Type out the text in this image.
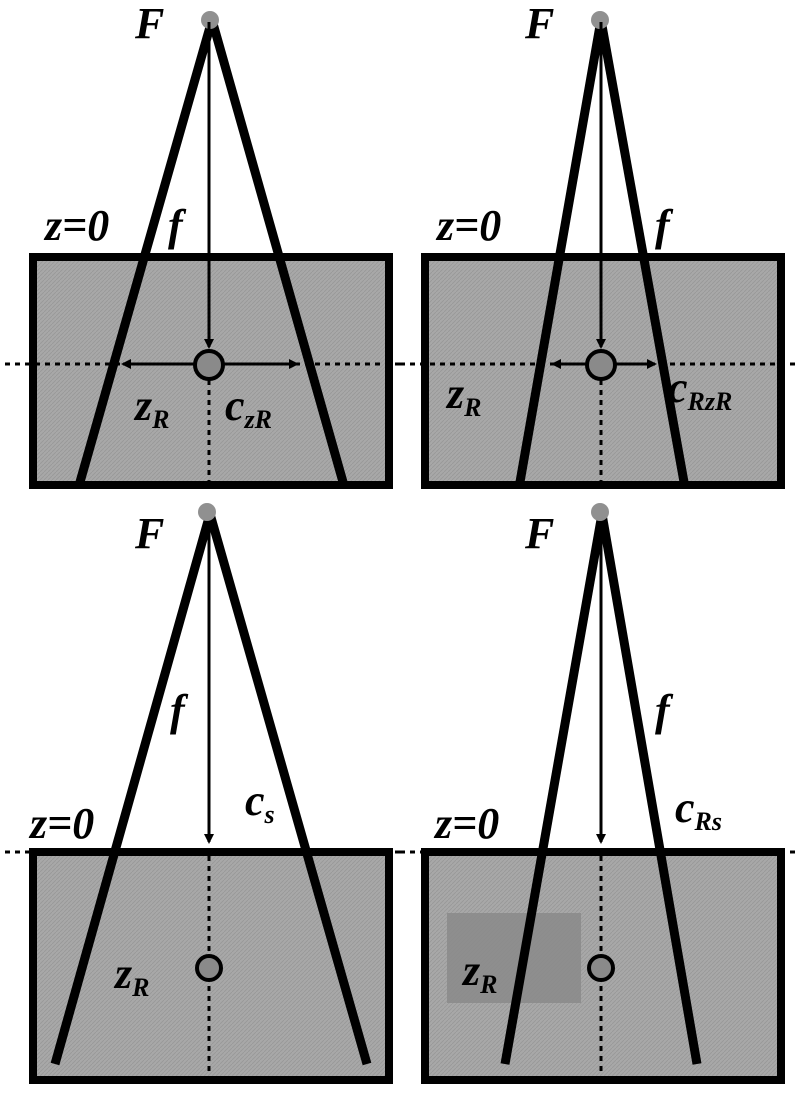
F
f
z=0
zR czR
F
f
z=0
zR	cRzR
F
f
z=0
zR
cs
F
f
z=0
zR
cRs
